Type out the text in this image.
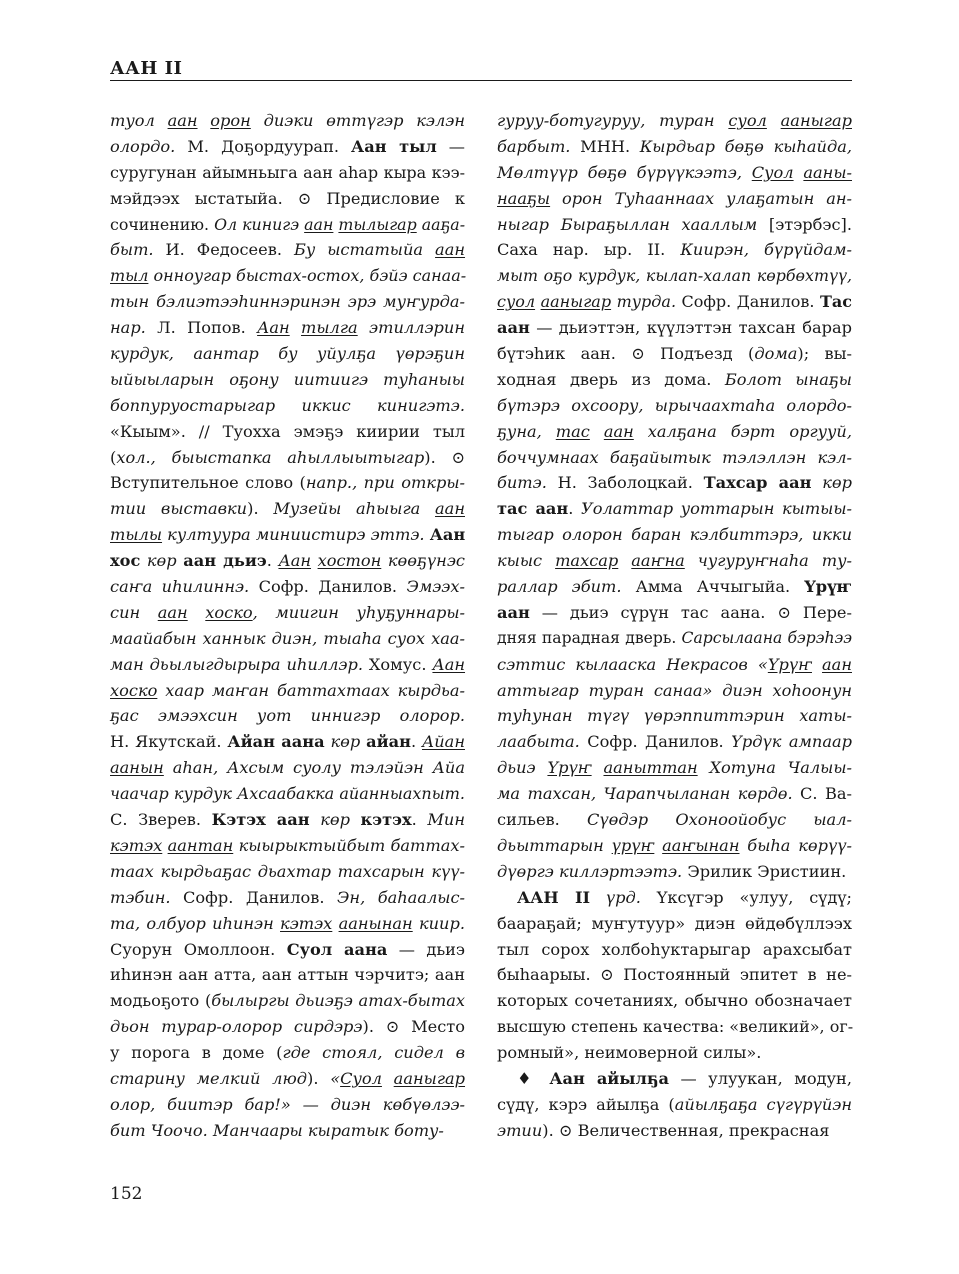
ААН II
туол аан орон диэки өттүгэр кэлэн
олордо. М. Доҕордуурап. Аан тыл —
суругунан айымньыга аан аһар кыра кээ-
мэйдээх ыстатыйа. ⊙ Предисловие к
сочинению. Ол кинигэ аан тылыгар ааҕа-
быт. И. Федосеев. Бу ыстатыйа аан
тыл онноугар быстах-остох, бэйэ санаа-
тын бэлиэтээһиннэринэн эрэ муҥурда-
нар. Л. Попов. Аан тылга этиллэрин
курдук, аантар бу уйулҕа үөрэҕин
ыйыыларын оҕону иитиигэ туһаныы
боппуруостарыгар иккис кинигэтэ.
«Кыым». // Туохха эмэҕэ киирии тыл
(хол., быыстапка аһыллыытыгар). ⊙
Вступительное слово (напр., при откры-
тии выставки). Музейы аһыыга аан
тылы култуура миниистирэ эттэ. Аан
хос көр аан дьиэ. Аан хостон көөҕүнэс
саҥа иһилиннэ. Софр. Данилов. Эмээх-
син аан хоско, миигин уһуҕуннары-
маайабын ханнык диэн, тыаһа суох хаа-
ман дьылыгдырыра иһиллэр. Хомус. Аан
хоско хаар маҥан баттахтаах кырдьа-
ҕас эмээхсин уот иннигэр олорор.
Н. Якутскай. Айан аана көр айан. Айан
аанын аһан, Ахсым суолу тэлэйэн Айа
чаачар курдук Ахсаабакка айанныахпыт.
С. Зверев. Кэтэх аан көр кэтэх. Мин
кэтэх аантан кыырыктыйбыт баттах-
таах кырдьаҕас дьахтар тахсарын күү-
тэбин. Софр. Данилов. Эн, баһаалыс-
та, олбуор иһинэн кэтэх аанынан киир.
Суорун Омоллоон. Суол аана — дьиэ
иһинэн аан атта, аан аттын чэрчитэ; аан
модьоҕото (былыргы дьиэҕэ атах-бытах
дьон турар-олорор сирдэрэ). ⊙ Место
у порога в доме (где стоял, сидел в
старину мелкий люд). «Суол ааныгар
олор, биитэр бар!» — диэн көбүөлээ-
бит Чоочо. Манчаары кыратык боту-
гуруу-ботугуруу, туран суол ааныгар
барбыт. МНН. Кырдьар бөҕө кыһайда,
Мөлтүүр бөҕө бүрүүкээтэ, Суол ааны-
нааҕы орон Туһааннаах улаҕатын ан-
ныгар Быраҕыллан хааллым [этэрбэс].
Саха нар. ыр. II. Киирэн, бүрүйдам-
мыт оҕо курдук, кылап-халап көрбөхтүү,
суол ааныгар турда. Софр. Данилов. Тас
аан — дьиэттэн, күүлэттэн тахсан барар
бүтэһик аан. ⊙ Подъезд (дома); вы-
ходная дверь из дома. Болот ынаҕы
бүтэрэ охсоору, ырычаахтаһа олордо-
ҕуна, тас аан халҕана бэрт оргууй,
боччумнаах баҕайытык тэлэллэн кэл-
битэ. Н. Заболоцкай. Тахсар аан көр
тас аан. Уолаттар уоттарын кытыы-
тыгар олорон баран кэлбиттэрэ, икки
кыыс тахсар ааҥна чугуруҥнаһа ту-
раллар эбит. Амма Аччыгыйа. Үрүҥ
аан — дьиэ сүрүн тас аана. ⊙ Пере-
дняя парадная дверь. Сарсылаана бэрэһээ
сэттис кылааска Некрасов «Үрүҥ аан
аттыгар туран санаа» диэн хоһоонун
туһунан түгү үөрэппиттэрин хаты-
лаабыта. Софр. Данилов. Үрдүк ампаар
дьиэ Үрүҥ ааныттан Хотуна Чалыы-
ма тахсан, Чарапчыланан көрдө. С. Ва-
сильев. Сүөдэр Охоноойобус ыал-
дьыттарын үрүҥ ааҥынан быһа көрүү-
дүөргэ киллэртээтэ. Эрилик Эристиин.
ААН II үрд. Үксүгэр «улуу, сүдү;
баараҕай; муҥутуур» диэн өйдөбүллээх
тыл сорох холбоһуктарыгар арахсыбат
быһаарыы. ⊙ Постоянный эпитет в не-
которых сочетаниях, обычно обозначает
высшую степень качества: «великий», ог-
ромный», неимоверной силы».
♦ Аан айылҕа — улуукан, модун,
сүдү, кэрэ айылҕа (айылҕаҕа сүгүрүйэн
этии). ⊙ Величественная, прекрасная
152
